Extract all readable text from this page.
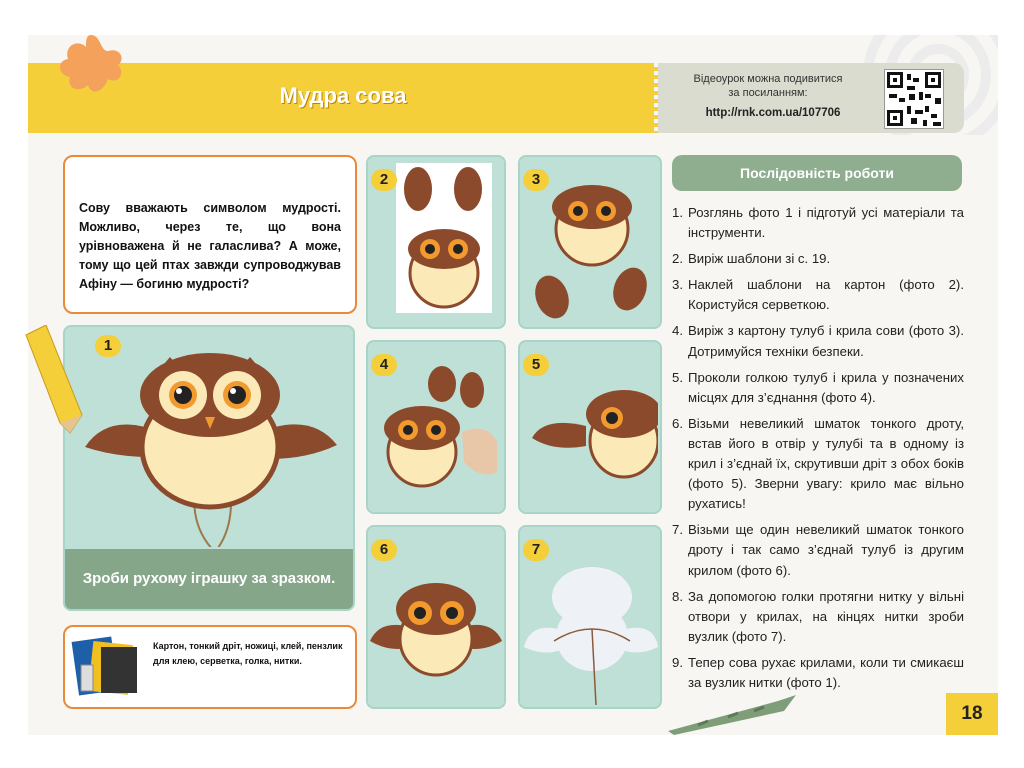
Мудра сова
Відеоурок можна подивитися
за посиланням:
http://rnk.com.ua/107706
Сову вважають символом мудрості. Можливо, через те, що вона урівноважена й не галаслива? А може, тому що цей птах завжди супроводжував Афіну — богиню мудрості?
1
Зроби рухому іграшку за зразком.
2	3
4	5
6	7
Картон, тонкий дріт, ножиці, клей, пензлик для клею, серветка, голка, нитки.
Послідовність роботи
1. Розглянь фото 1 і підготуй усі матеріали та інструменти.
2. Виріж шаблони зі с. 19.
3. Наклей шаблони на картон (фото 2). Користуйся серветкою.
4. Виріж з картону тулуб і крила сови (фото 3). Дотримуйся техніки безпеки.
5. Проколи голкою тулуб і крила у позначених місцях для з’єднання (фото 4).
6. Візьми невеликий шматок тонкого дроту, встав його в отвір у тулубі та в одному із крил і з’єднай їх, скрутивши дріт з обох боків (фото 5). Зверни увагу: крило має вільно рухатись!
7. Візьми ще один невеликий шматок тонкого дроту і так само з’єднай тулуб із другим крилом (фото 6).
8. За допомогою голки протягни нитку у вільні отвори у крилах, на кінцях нитки зроби вузлик (фото 7).
9. Тепер сова рухає крилами, коли ти смикаєш за вузлик нитки (фото 1).
18
